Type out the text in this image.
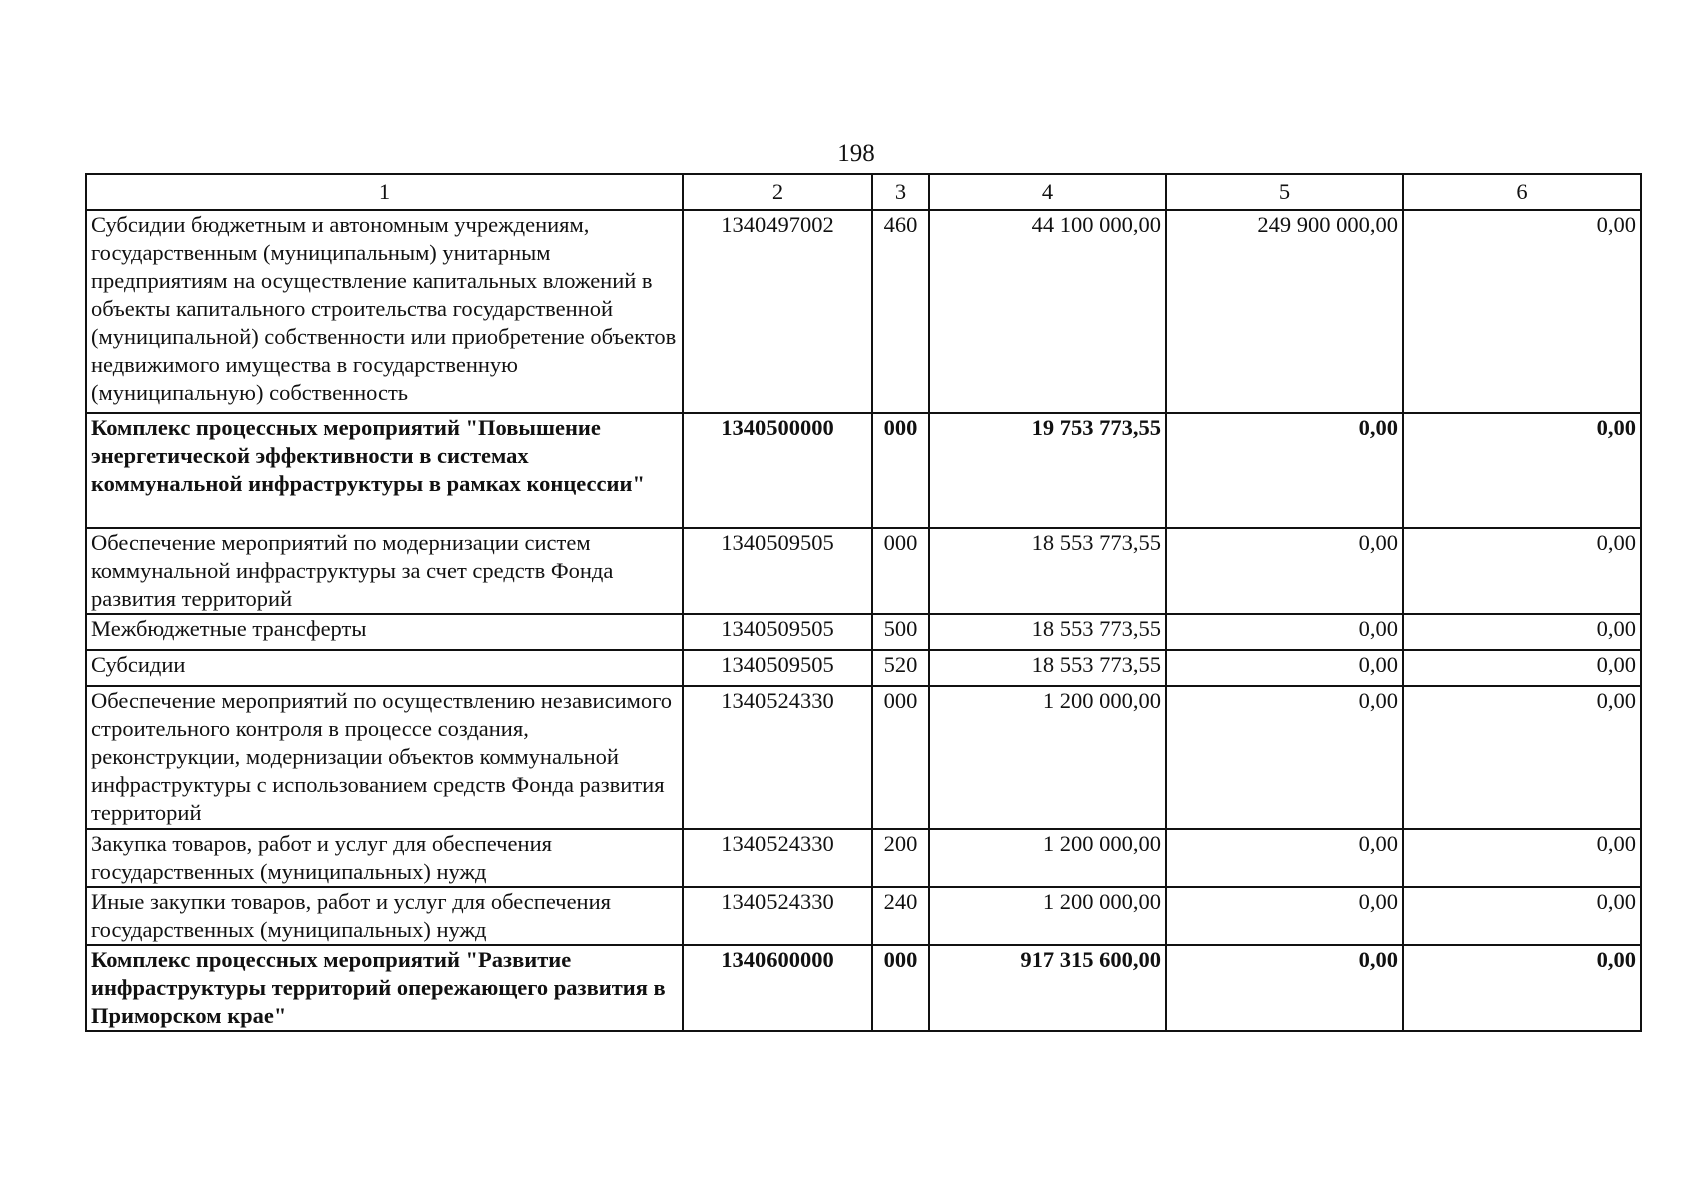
198
1	2	3	4	5	6
Субсидии бюджетным и автономным учреждениям, государственным (муниципальным) унитарным предприятиям на осуществление капитальных вложений в объекты капитального строительства государственной (муниципальной) собственности или приобретение объектов недвижимого имущества в государственную (муниципальную) собственность	1340497002	460	44 100 000,00	249 900 000,00	0,00
Комплекс процессных мероприятий "Повышение энергетической эффективности в системах коммунальной инфраструктуры в рамках концессии"	1340500000	000	19 753 773,55	0,00	0,00
Обеспечение мероприятий по модернизации систем коммунальной инфраструктуры за счет средств Фонда развития территорий	1340509505	000	18 553 773,55	0,00	0,00
Межбюджетные трансферты	1340509505	500	18 553 773,55	0,00	0,00
Субсидии	1340509505	520	18 553 773,55	0,00	0,00
Обеспечение мероприятий по осуществлению независимого строительного контроля в процессе создания, реконструкции, модернизации объектов коммунальной инфраструктуры с использованием средств Фонда развития территорий	1340524330	000	1 200 000,00	0,00	0,00
Закупка товаров, работ и услуг для обеспечения государственных (муниципальных) нужд	1340524330	200	1 200 000,00	0,00	0,00
Иные закупки товаров, работ и услуг для обеспечения государственных (муниципальных) нужд	1340524330	240	1 200 000,00	0,00	0,00
Комплекс процессных мероприятий "Развитие инфраструктуры территорий опережающего развития в Приморском крае"	1340600000	000	917 315 600,00	0,00	0,00
